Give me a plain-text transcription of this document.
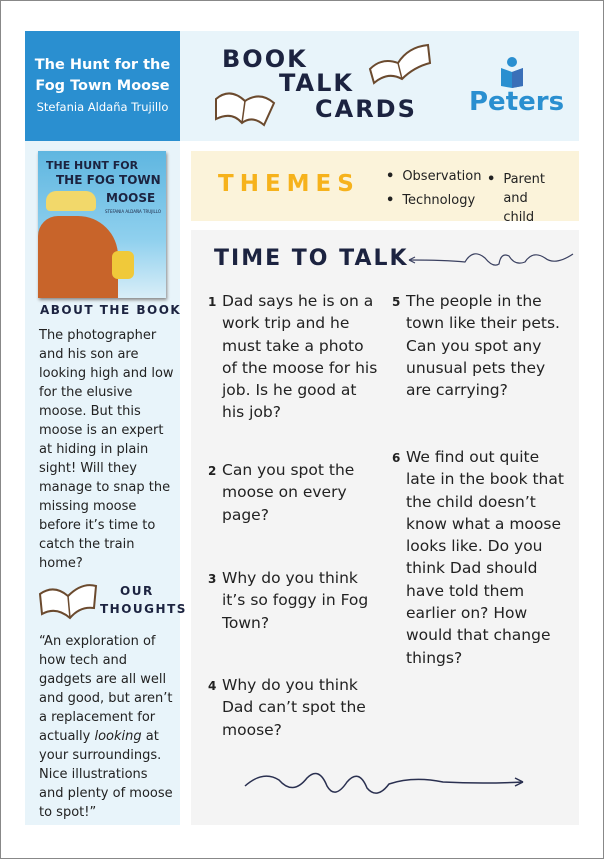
The Hunt for the Fog Town Moose
Stefania Aldaña Trujillo
BOOK
TALK
CARDS Peters
THE HUNT FOR
THE FOG TOWN
MOOSE
STEFANIA ALDAÑA TRUJILLO
ABOUT THE BOOK
The photographer and his son are looking high and low for the elusive moose. But this moose is an expert at hiding in plain sight! Will they manage to snap the missing moose before it’s time to catch the train home?
OUR
THOUGHTS
“An exploration of how tech and gadgets are all well and good, but aren’t a replacement for actually looking at your surroundings. Nice illustrations and plenty of moose to spot!”
THEMES	• Observation
• Technology
• Parent and child
TIME TO TALK
1 Dad says he is on a work trip and he must take a photo of the moose for his job. Is he good at his job?
2 Can you spot the moose on every page?
3 Why do you think it’s so foggy in Fog Town?
4 Why do you think Dad can’t spot the moose?
5 The people in the town like their pets. Can you spot any unusual pets they are carrying?
6 We find out quite late in the book that the child doesn’t know what a moose looks like. Do you think Dad should have told them earlier on? How would that change things?
